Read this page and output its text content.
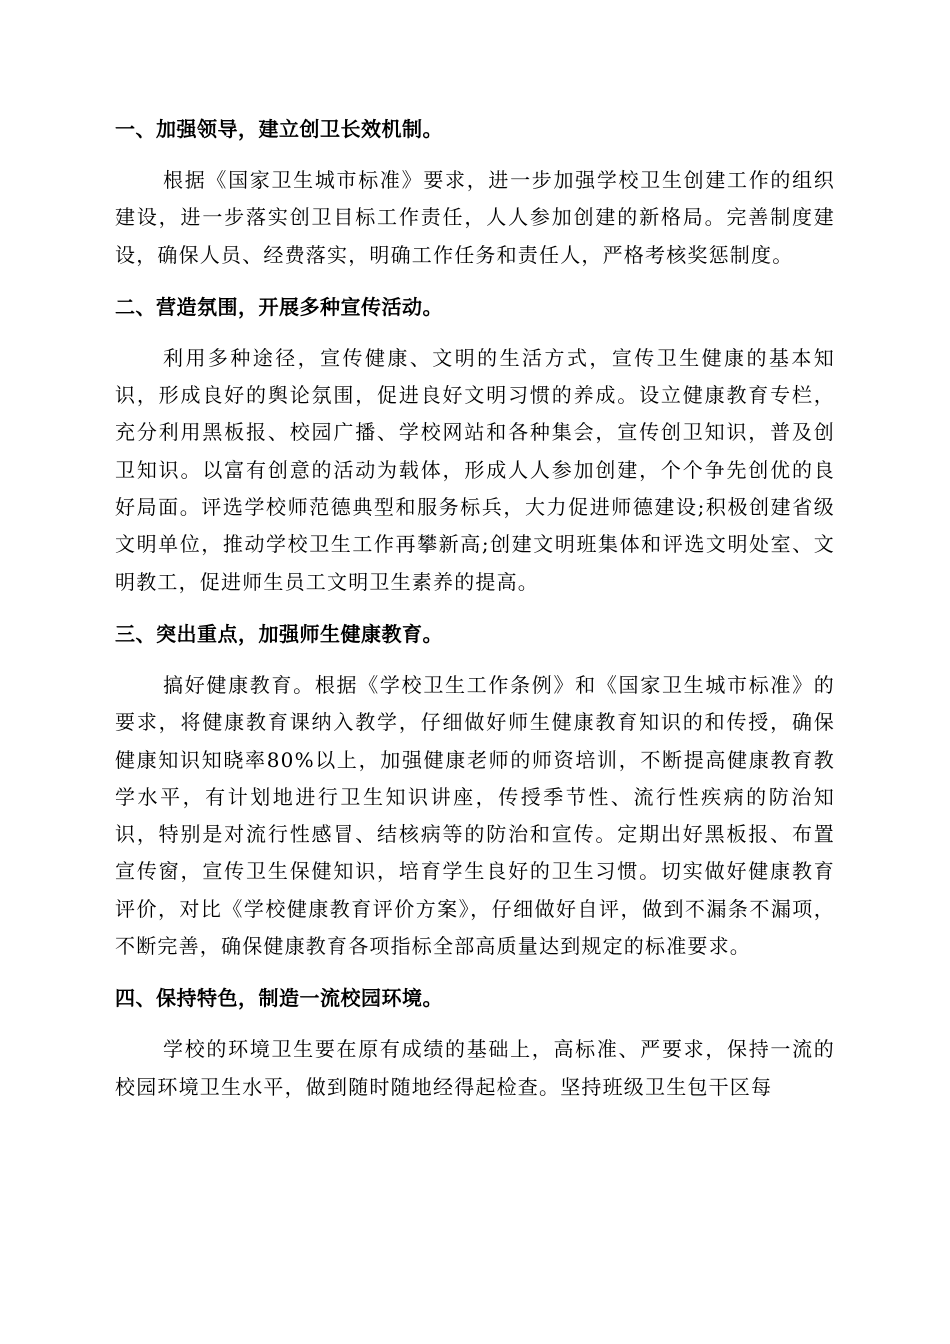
一、加强领导，建立创卫长效机制。

根据《国家卫生城市标准》要求，进一步加强学校卫生创建工作的组织建设，进一步落实创卫目标工作责任，人人参加创建的新格局。完善制度建设，确保人员、经费落实，明确工作任务和责任人，严格考核奖惩制度。

二、营造氛围，开展多种宣传活动。

利用多种途径，宣传健康、文明的生活方式，宣传卫生健康的基本知识，形成良好的舆论氛围，促进良好文明习惯的养成。设立健康教育专栏，充分利用黑板报、校园广播、学校网站和各种集会，宣传创卫知识，普及创卫知识。以富有创意的活动为载体，形成人人参加创建，个个争先创优的良好局面。评选学校师范德典型和服务标兵，大力促进师德建设;积极创建省级文明单位，推动学校卫生工作再攀新高;创建文明班集体和评选文明处室、文明教工，促进师生员工文明卫生素养的提高。

三、突出重点，加强师生健康教育。

搞好健康教育。根据《学校卫生工作条例》和《国家卫生城市标准》的要求，将健康教育课纳入教学，仔细做好师生健康教育知识的和传授，确保健康知识知晓率80%以上，加强健康老师的师资培训，不断提高健康教育教学水平，有计划地进行卫生知识讲座，传授季节性、流行性疾病的防治知识，特别是对流行性感冒、结核病等的防治和宣传。定期出好黑板报、布置宣传窗，宣传卫生保健知识，培育学生良好的卫生习惯。切实做好健康教育评价，对比《学校健康教育评价方案》，仔细做好自评，做到不漏条不漏项，不断完善，确保健康教育各项指标全部高质量达到规定的标准要求。

四、保持特色，制造一流校园环境。

学校的环境卫生要在原有成绩的基础上，高标准、严要求，保持一流的校园环境卫生水平，做到随时随地经得起检查。坚持班级卫生包干区每
